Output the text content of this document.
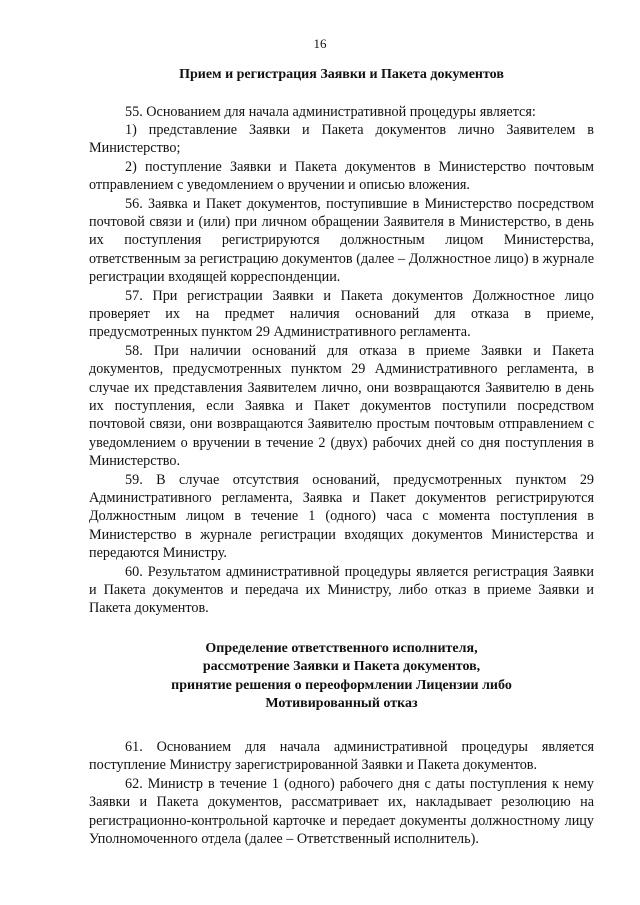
16
Прием и регистрация Заявки и Пакета документов

55. Основанием для начала административной процедуры является:

1) представление Заявки и Пакета документов лично Заявителем в Министерство;

2) поступление Заявки и Пакета документов в Министерство почтовым отправлением с уведомлением о вручении и описью вложения.

56. Заявка и Пакет документов, поступившие в Министерство посредством почтовой связи и (или) при личном обращении Заявителя в Министерство, в день их поступления регистрируются должностным лицом Министерства, ответственным за регистрацию документов (далее – Должностное лицо) в журнале регистрации входящей корреспонденции.

57. При регистрации Заявки и Пакета документов Должностное лицо проверяет их на предмет наличия оснований для отказа в приеме, предусмотренных пунктом 29 Административного регламента.

58. При наличии оснований для отказа в приеме Заявки и Пакета документов, предусмотренных пунктом 29 Административного регламента, в случае их представления Заявителем лично, они возвращаются Заявителю в день их поступления, если Заявка и Пакет документов поступили посредством почтовой связи, они возвращаются Заявителю простым почтовым отправлением с уведомлением о вручении в течение 2 (двух) рабочих дней со дня поступления в Министерство.

59. В случае отсутствия оснований, предусмотренных пунктом 29 Административного регламента, Заявка и Пакет документов регистрируются Должностным лицом в течение 1 (одного) часа с момента поступления в Министерство в журнале регистрации входящих документов Министерства и передаются Министру.

60. Результатом административной процедуры является регистрация Заявки и Пакета документов и передача их Министру, либо отказ в приеме Заявки и Пакета документов.

Определение ответственного исполнителя,
рассмотрение Заявки и Пакета документов,
принятие решения о переоформлении Лицензии либо
Мотивированный отказ

61. Основанием для начала административной процедуры является поступление Министру зарегистрированной Заявки и Пакета документов.

62. Министр в течение 1 (одного) рабочего дня с даты поступления к нему Заявки и Пакета документов, рассматривает их, накладывает резолюцию на регистрационно-контрольной карточке и передает документы должностному лицу Уполномоченного отдела (далее – Ответственный исполнитель).
